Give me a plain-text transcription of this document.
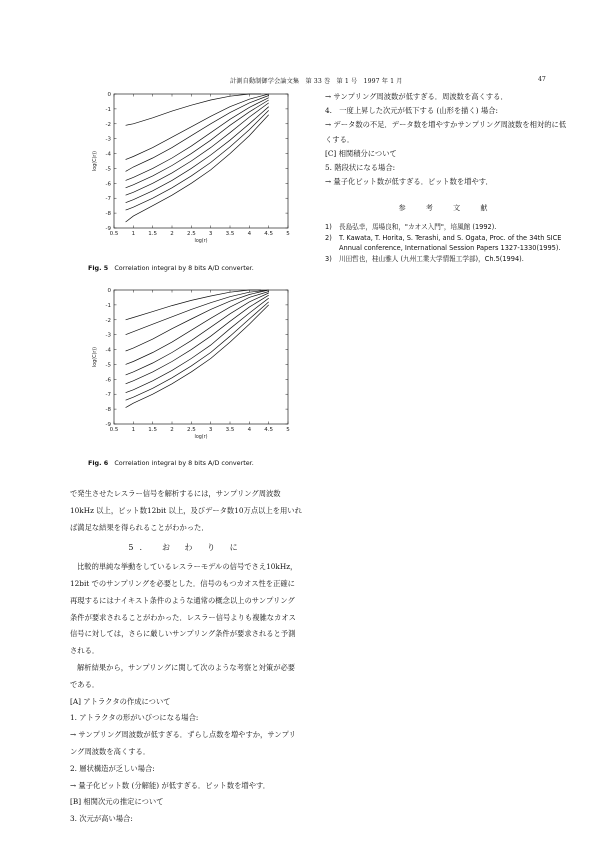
計測自動制御学会論文集　第 33 巻　第 1 号　1997 年 1 月	47
0.5 1 1.5 2 2.5 3 3.5 4 4.5 5
0
-1
-2
-3
-4
-5
-6
-7
-8
-9
log(r)
log(C(r))
Fig. 5 Correlation integral by 8 bits A/D converter.
0.5 1 1.5 2 2.5 3 3.5 4 4.5 5
0
-1
-2
-3
-4
-5
-6
-7
-8
-9
log(r)
log(C(r))
Fig. 6 Correlation integral by 8 bits A/D converter.

で発生させたレスラー信号を解析するには，サンプリング周波数10kHz 以上，ビット数12bit 以上，及びデータ数10万点以上を用いれば満足な結果を得られることがわかった．

5.　お わ り に

比較的単純な挙動をしているレスラーモデルの信号でさえ10kHz，12bit でのサンプリングを必要とした．信号のもつカオス性を正確に再現するにはナイキスト条件のような通常の概念以上のサンプリング条件が要求されることがわかった．レスラー信号よりも複雑なカオス信号に対しては，さらに厳しいサンプリング条件が要求されると予測される．

解析結果から，サンプリングに関して次のような考察と対策が必要である．

[A] アトラクタの作成について

1. アトラクタの形がいびつになる場合:

→ サンプリング周波数が低すぎる．ずらし点数を増やすか，サンプリング周波数を高くする．

2. 層状構造が乏しい場合:

→ 量子化ビット数 (分解能) が低すぎる．ビット数を増やす．

[B] 相関次元の推定について

3. 次元が高い場合:

→ サンプリング周波数が低すぎる．周波数を高くする．

4.　一度上昇した次元が低下する (山形を描く) 場合:

→ データ数の不足．データ数を増やすかサンプリング周波数を相対的に低くする．

[C] 相関積分について

5. 階段状になる場合:

→ 量子化ビット数が低すぎる．ビット数を増やす．

参 考 文 献
1)	長島弘幸，馬場良和，"カオス入門"，培風館 (1992).
2)	T. Kawata, T. Horita, S. Terashi, and S. Ogata, Proc. of the 34th SICE Annual conference, International Session Papers 1327-1330(1995).
3)	川田哲也，桂山雅人 (九州工業大学情報工学部)，Ch.5(1994).
